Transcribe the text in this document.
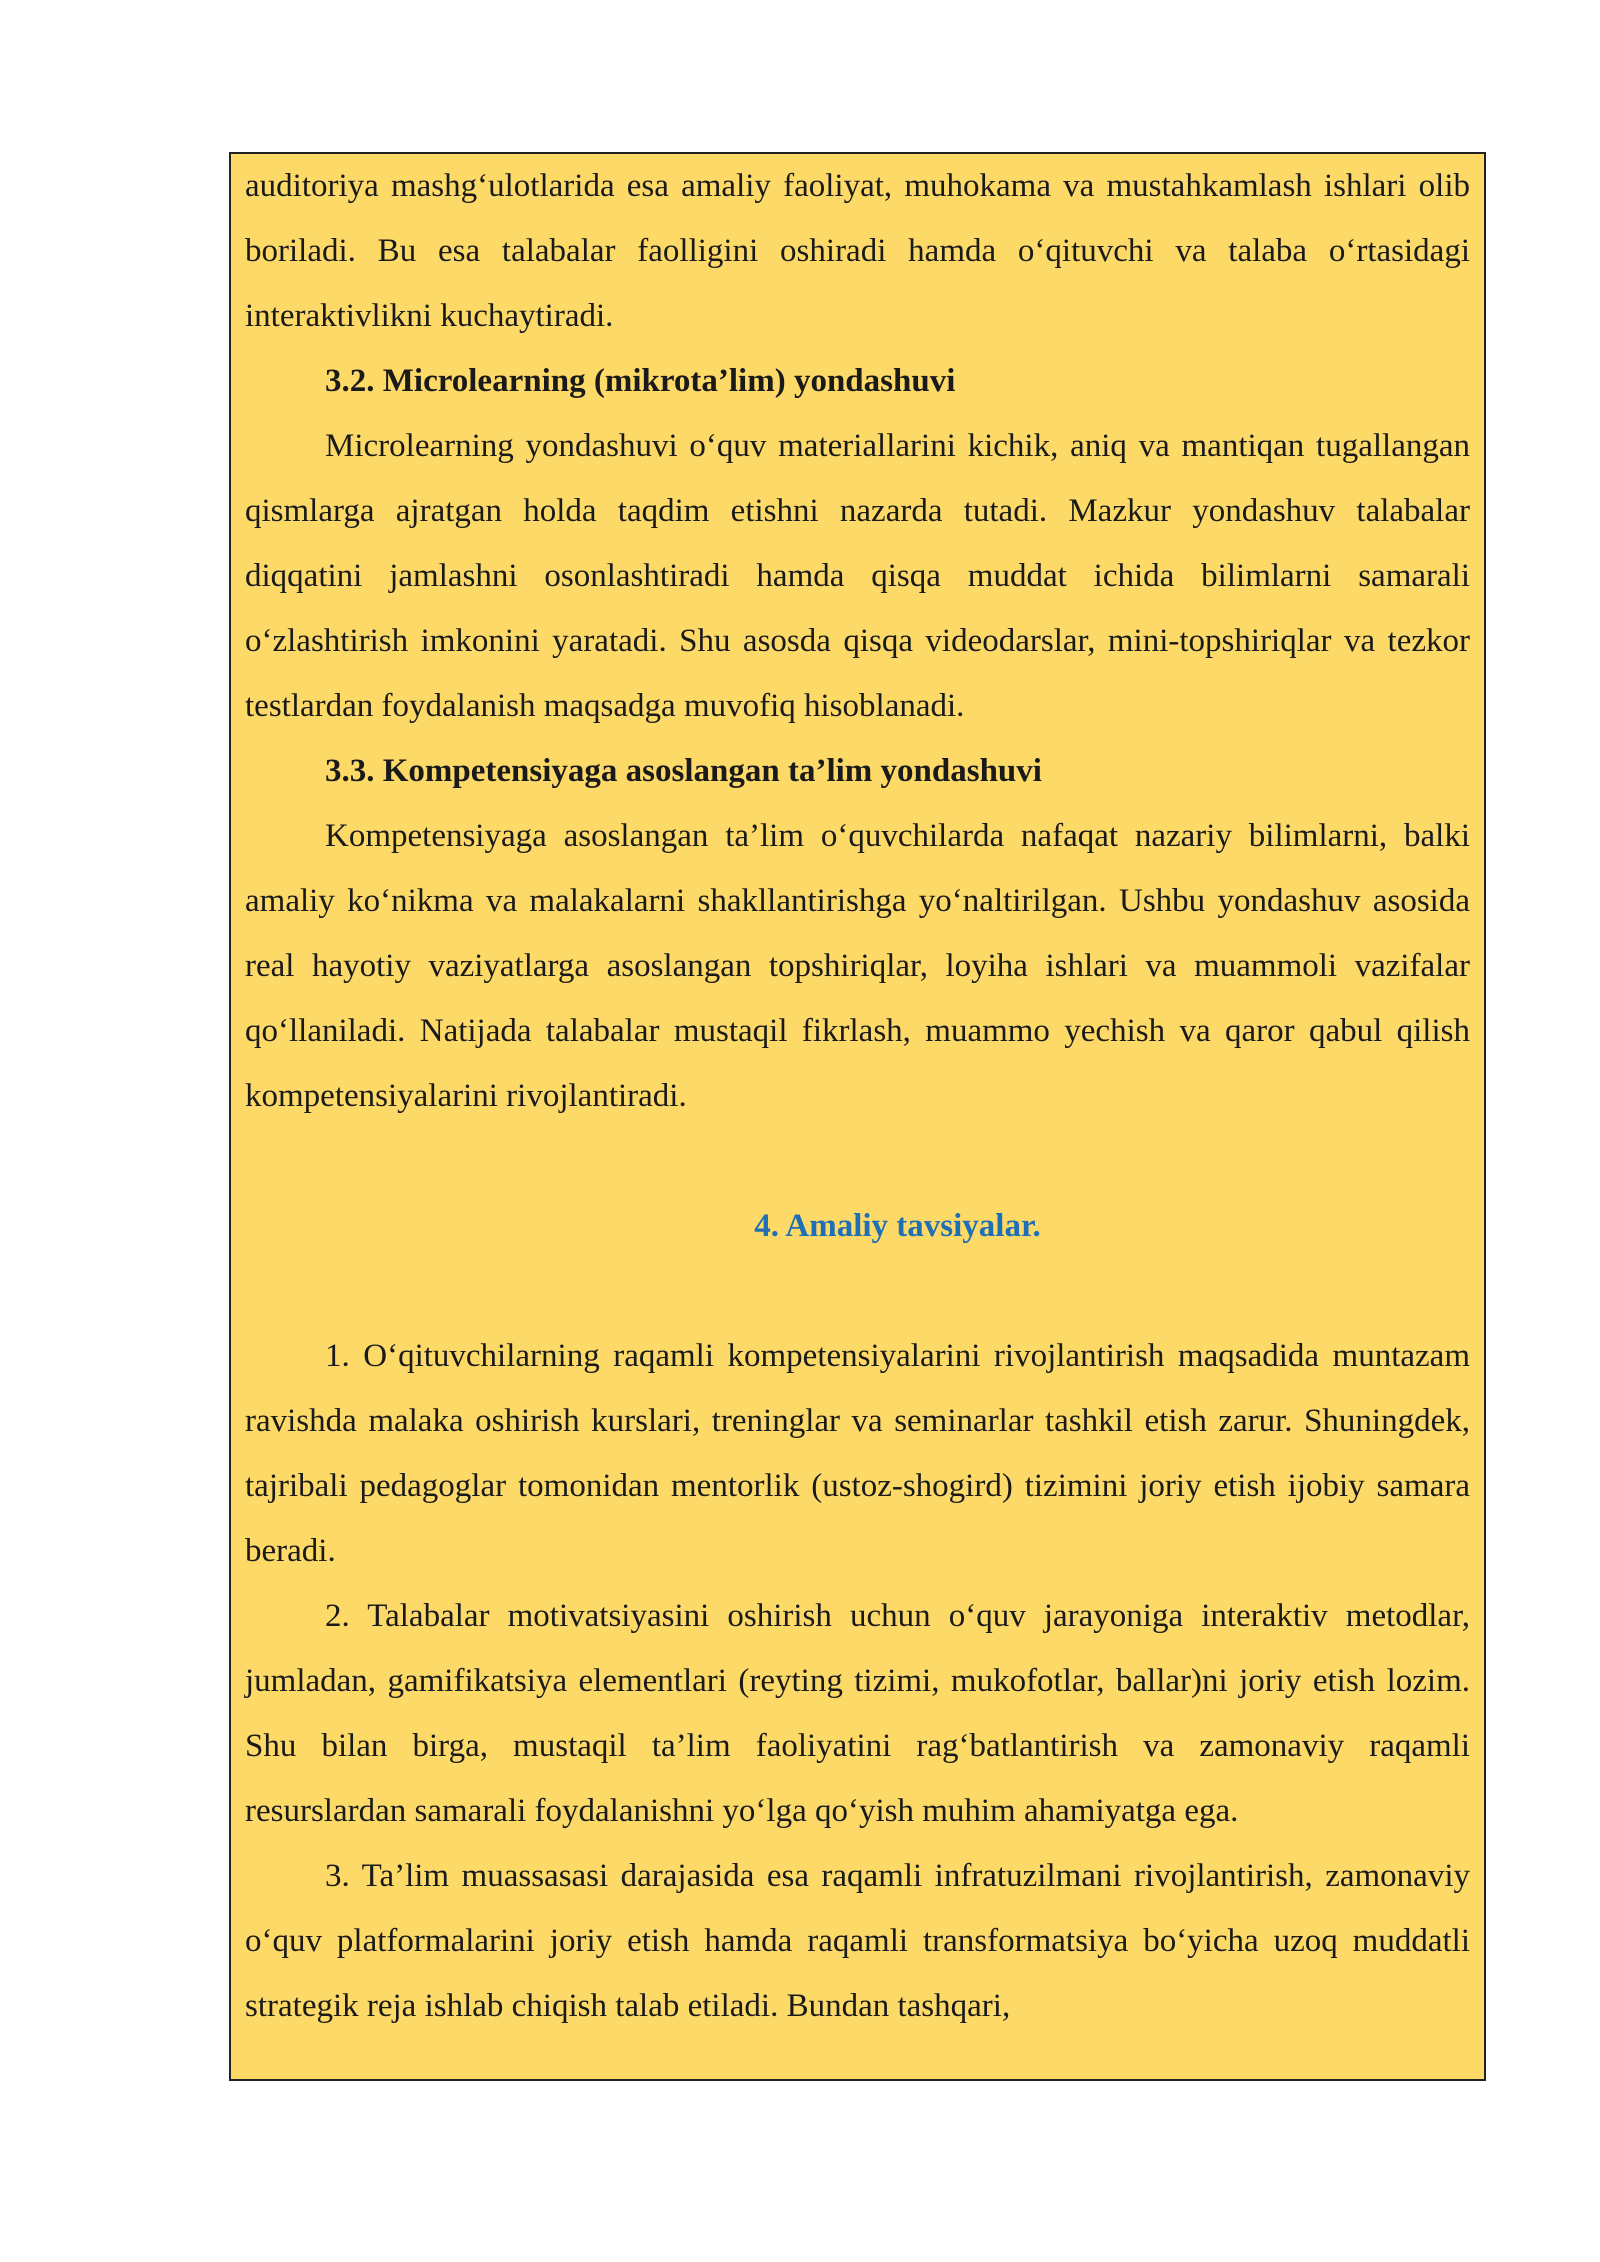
auditoriya mashg‘ulotlarida esa amaliy faoliyat, muhokama va mustahkamlash ishlari olib boriladi. Bu esa talabalar faolligini oshiradi hamda o‘qituvchi va talaba o‘rtasidagi interaktivlikni kuchaytiradi.

3.2. Microlearning (mikrota’lim) yondashuvi

Microlearning yondashuvi o‘quv materiallarini kichik, aniq va mantiqan tugallangan qismlarga ajratgan holda taqdim etishni nazarda tutadi. Mazkur yondashuv talabalar diqqatini jamlashni osonlashtiradi hamda qisqa muddat ichida bilimlarni samarali o‘zlashtirish imkonini yaratadi. Shu asosda qisqa videodarslar, mini-topshiriqlar va tezkor testlardan foydalanish maqsadga muvofiq hisoblanadi.

3.3. Kompetensiyaga asoslangan ta’lim yondashuvi

Kompetensiyaga asoslangan ta’lim o‘quvchilarda nafaqat nazariy bilimlarni, balki amaliy ko‘nikma va malakalarni shakllantirishga yo‘naltirilgan. Ushbu yondashuv asosida real hayotiy vaziyatlarga asoslangan topshiriqlar, loyiha ishlari va muammoli vazifalar qo‘llaniladi. Natijada talabalar mustaqil fikrlash, muammo yechish va qaror qabul qilish kompetensiyalarini rivojlantiradi.

4. Amaliy tavsiyalar.

1. O‘qituvchilarning raqamli kompetensiyalarini rivojlantirish maqsadida muntazam ravishda malaka oshirish kurslari, treninglar va seminarlar tashkil etish zarur. Shuningdek, tajribali pedagoglar tomonidan mentorlik (ustoz-shogird) tizimini joriy etish ijobiy samara beradi.

2. Talabalar motivatsiyasini oshirish uchun o‘quv jarayoniga interaktiv metodlar, jumladan, gamifikatsiya elementlari (reyting tizimi, mukofotlar, ballar)ni joriy etish lozim. Shu bilan birga, mustaqil ta’lim faoliyatini rag‘batlantirish va zamonaviy raqamli resurslardan samarali foydalanishni yo‘lga qo‘yish muhim ahamiyatga ega.

3. Ta’lim muassasasi darajasida esa raqamli infratuzilmani rivojlantirish, zamonaviy o‘quv platformalarini joriy etish hamda raqamli transformatsiya bo‘yicha uzoq muddatli strategik reja ishlab chiqish talab etiladi. Bundan tashqari,
